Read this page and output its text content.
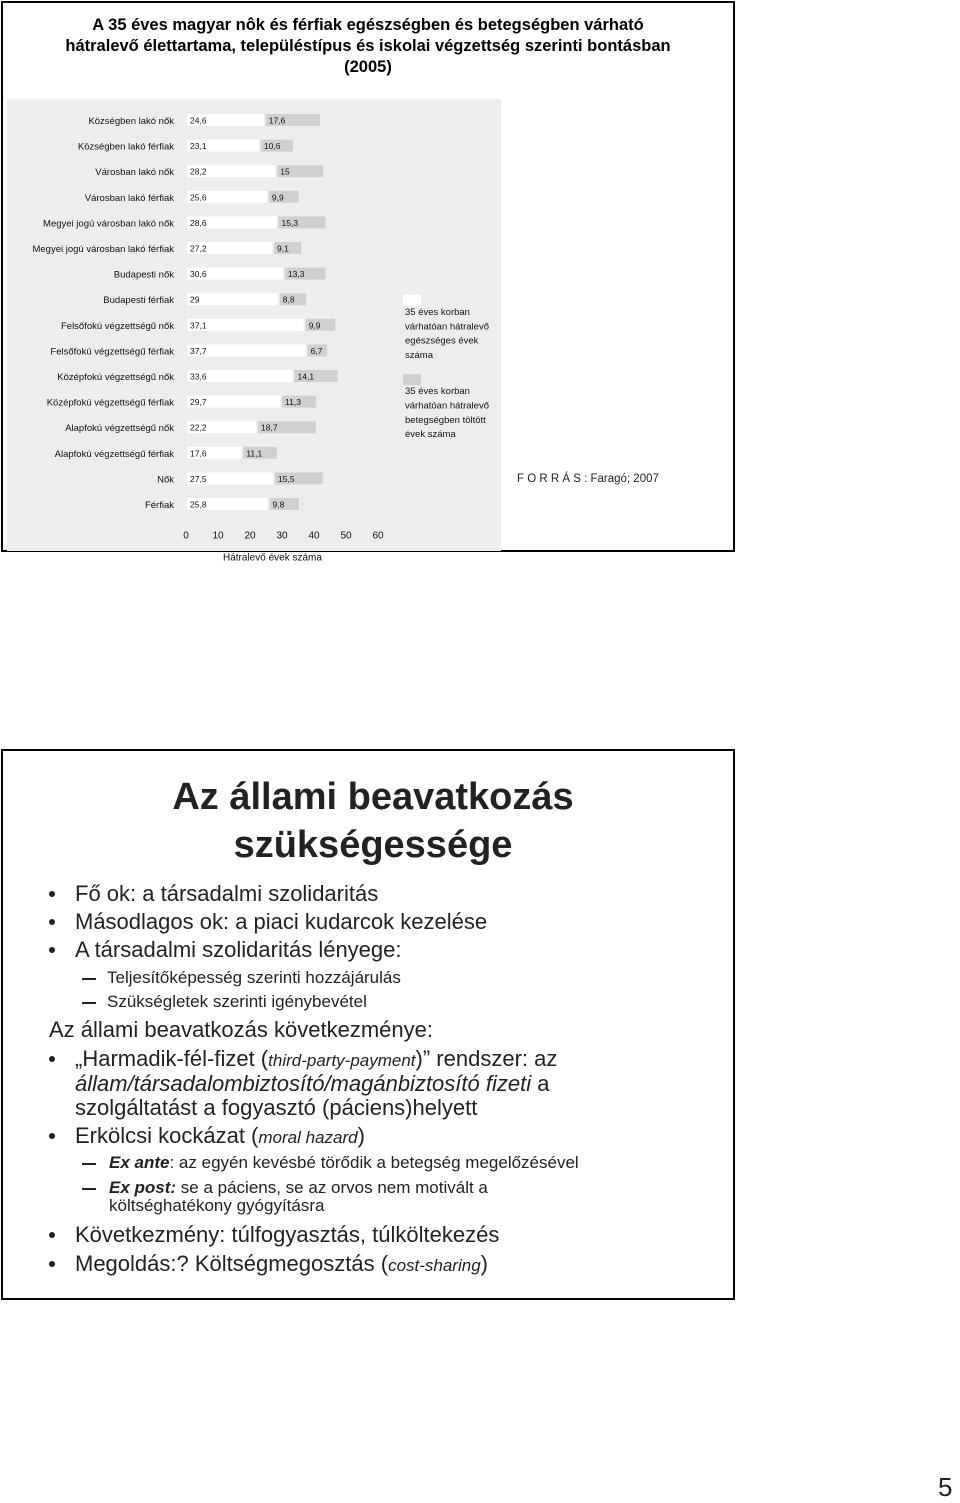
A 35 éves magyar nôk és férfiak egészségben és betegségben várható
hátralevő élettartama, településtípus és iskolai végzettség szerinti bontásban
(2005)
Községben lakó nők 24,6	17,6
Községben lakó férfiak 23,1	10,6
Városban lakó nők 28,2	15
Városban lakó férfiak 25,6	9,9
Megyei jogú városban lakó nők 28,6	15,3
Megyei jogú városban lakó férfiak 27,2	9,1
Budapesti nők 30,6	13,3
Budapesti férfiak 29	8,8
Felsőfokú végzettségű nők 37,1	9,9
Felsőfokú végzettségű férfiak 37,7	6,7
Középfokú végzettségű nők 33,6	14,1
Középfokú végzettségű férfiak 29,7	11,3
Alapfokú végzettségű nők 22,2	18,7
Alapfokú végzettségű férfiak 17,6	11,1
Nők 27,5	15,5
Férfiak 25,8	9,8
0 10 20 30 40 50 60
Hátralevő évek száma
35 éves korban
várhatóan hátralevő
egészséges évek
száma
35 éves korban
várhatóan hátralevő
betegségben töltött
évek száma
F O R R Á S : Faragó; 2007
Az állami beavatkozás
szükségessége
Fő ok: a társadalmi szolidaritás
Másodlagos ok: a piaci kudarcok kezelése
A társadalmi szolidaritás lényege:
Teljesítőképesség szerinti hozzájárulás
Szükségletek szerinti igénybevétel
Az állami beavatkozás következménye:
„Harmadik-fél-fizet (third-party-payment)” rendszer: az
állam/társadalombiztosító/magánbiztosító fizeti a
szolgáltatást a fogyasztó (páciens)helyett
Erkölcsi kockázat (moral hazard)
Ex ante: az egyén kevésbé törődik a betegség megelőzésével
Ex post: se a páciens, se az orvos nem motivált a
költséghatékony gyógyításra
Következmény: túlfogyasztás, túlköltekezés
Megoldás:? Költségmegosztás (cost-sharing)
5
